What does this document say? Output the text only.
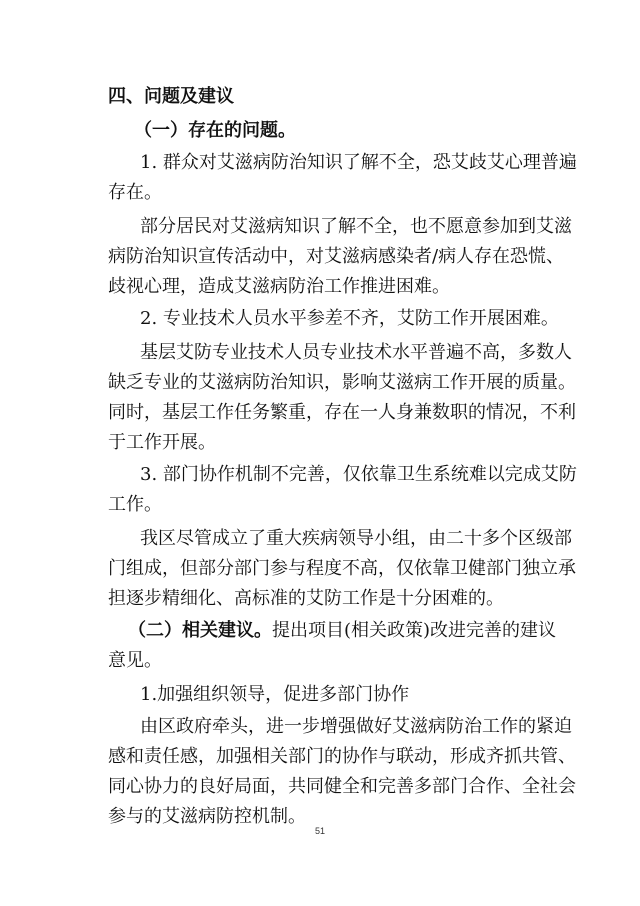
四、问题及建议
（一）存在的问题。
1. 群众对艾滋病防治知识了解不全，恐艾歧艾心理普遍
存在。
部分居民对艾滋病知识了解不全，也不愿意参加到艾滋
病防治知识宣传活动中，对艾滋病感染者/病人存在恐慌、
歧视心理，造成艾滋病防治工作推进困难。
2. 专业技术人员水平参差不齐，艾防工作开展困难。
基层艾防专业技术人员专业技术水平普遍不高，多数人
缺乏专业的艾滋病防治知识，影响艾滋病工作开展的质量。
同时，基层工作任务繁重，存在一人身兼数职的情况，不利
于工作开展。
3. 部门协作机制不完善，仅依靠卫生系统难以完成艾防
工作。
我区尽管成立了重大疾病领导小组，由二十多个区级部
门组成，但部分部门参与程度不高，仅依靠卫健部门独立承
担逐步精细化、高标准的艾防工作是十分困难的。
（二）相关建议。提出项目(相关政策)改进完善的建议
意见。
1.加强组织领导，促进多部门协作
由区政府牵头，进一步增强做好艾滋病防治工作的紧迫
感和责任感，加强相关部门的协作与联动，形成齐抓共管、
同心协力的良好局面，共同健全和完善多部门合作、全社会
参与的艾滋病防控机制。
51
